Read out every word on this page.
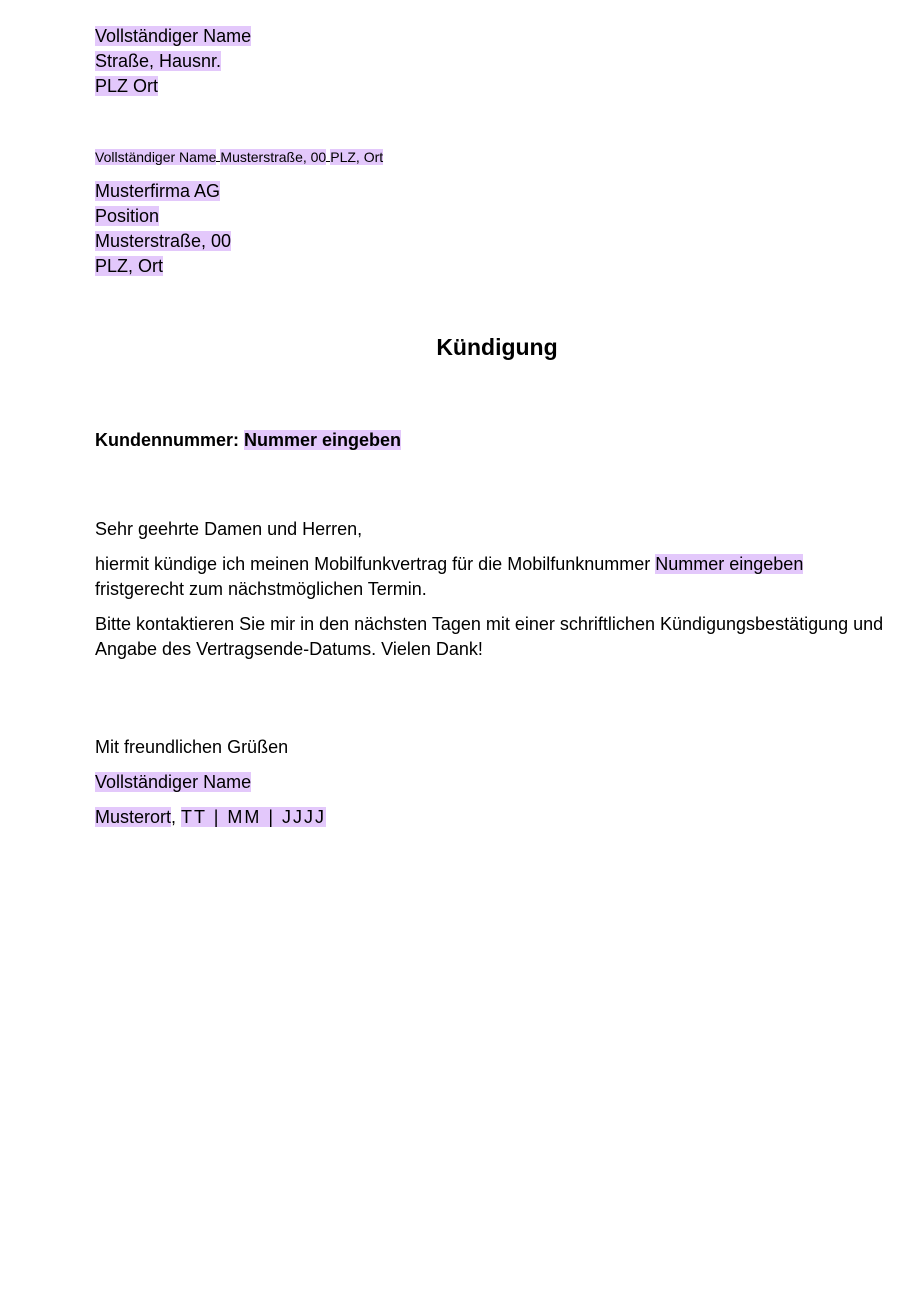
Vollständiger Name
Straße, Hausnr.
PLZ Ort
Vollständiger Name Musterstraße, 00 PLZ, Ort
Musterfirma AG
Position
Musterstraße, 00
PLZ, Ort
Kündigung
Kundennummer: Nummer eingeben
Sehr geehrte Damen und Herren,
hiermit kündige ich meinen Mobilfunkvertrag für die Mobilfunknummer Nummer eingeben fristgerecht zum nächstmöglichen Termin.
Bitte kontaktieren Sie mir in den nächsten Tagen mit einer schriftlichen Kündigungsbestätigung und Angabe des Vertragsende-Datums. Vielen Dank!
Mit freundlichen Grüßen
Vollständiger Name
Musterort, TT | MM | JJJJ
